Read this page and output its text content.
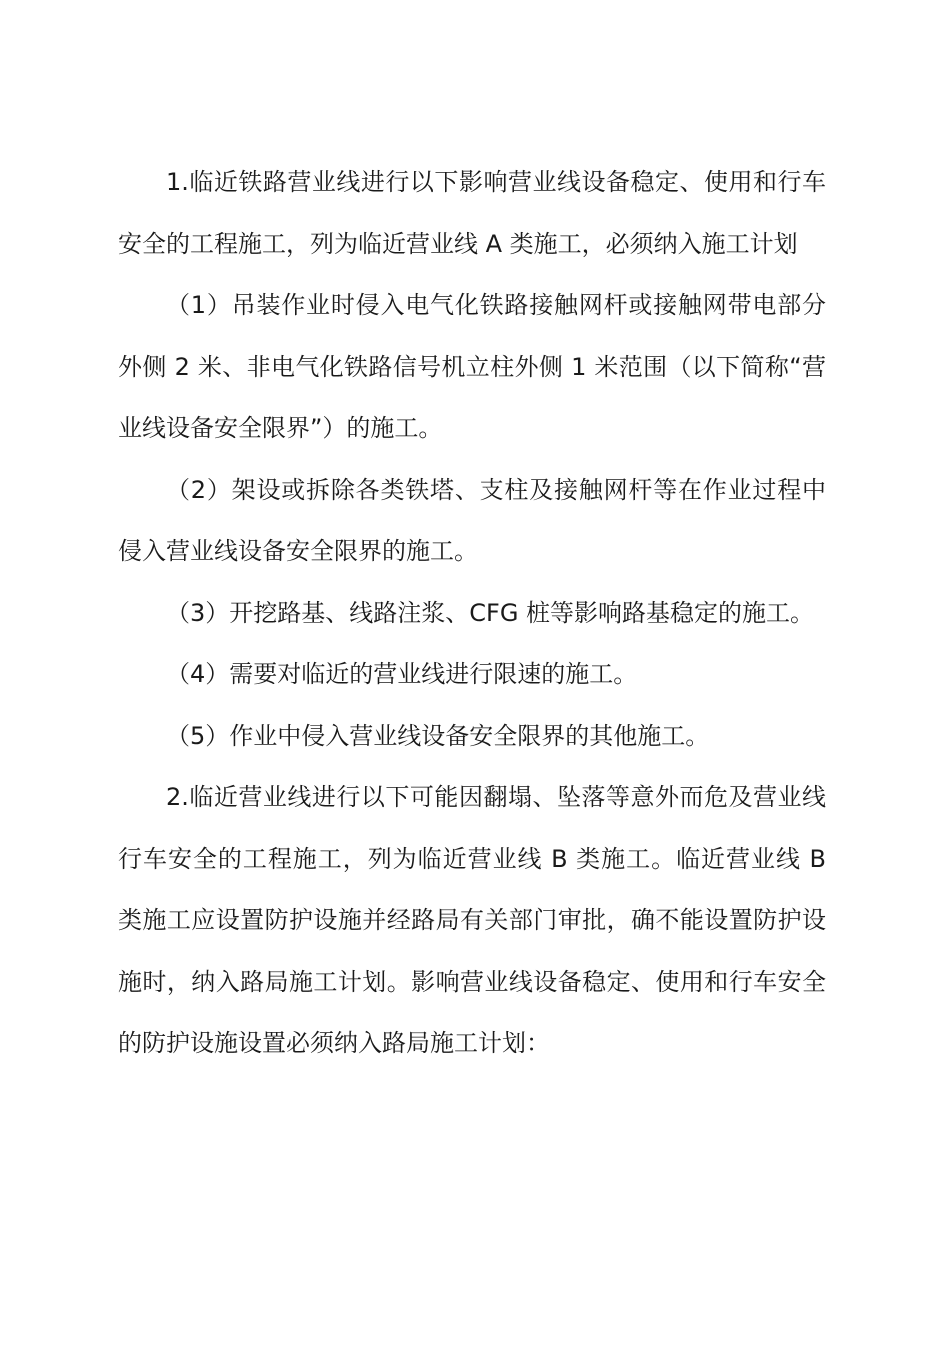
1.临近铁路营业线进行以下影响营业线设备稳定、使用和行车安全的工程施工，列为临近营业线 A 类施工，必须纳入施工计划

（1）吊装作业时侵入电气化铁路接触网杆或接触网带电部分外侧 2 米、非电气化铁路信号机立柱外侧 1 米范围（以下简称“营业线设备安全限界”）的施工。

（2）架设或拆除各类铁塔、支柱及接触网杆等在作业过程中侵入营业线设备安全限界的施工。

（3）开挖路基、线路注浆、CFG 桩等影响路基稳定的施工。

（4）需要对临近的营业线进行限速的施工。

（5）作业中侵入营业线设备安全限界的其他施工。

2.临近营业线进行以下可能因翻塌、坠落等意外而危及营业线行车安全的工程施工，列为临近营业线 B 类施工。临近营业线 B 类施工应设置防护设施并经路局有关部门审批，确不能设置防护设施时，纳入路局施工计划。影响营业线设备稳定、使用和行车安全的防护设施设置必须纳入路局施工计划：
